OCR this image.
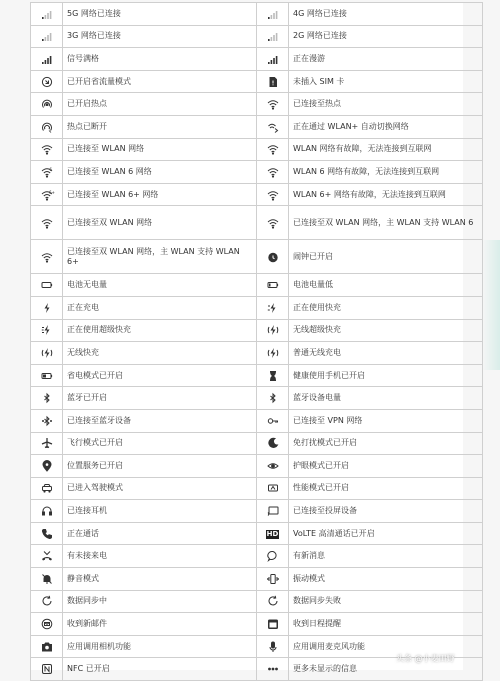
	5G 网络已连接		4G 网络已连接
	3G 网络已连接		2G 网络已连接
	信号满格		正在漫游
	已开启省流量模式		未插入 SIM 卡
	已开启热点		已连接至热点
	热点已断开		正在通过 WLAN+ 自动切换网络
	已连接至 WLAN 网络		WLAN 网络有故障，无法连接到互联网

6	已连接至 WLAN 6 网络		WLAN 6 网络有故障，无法连接到互联网

6+	已连接至 WLAN 6+ 网络		WLAN 6+ 网络有故障，无法连接到互联网
	已连接至双 WLAN 网络		已连接至双 WLAN 网络，主 WLAN 支持 WLAN 6
	已连接至双 WLAN 网络，主 WLAN 支持 WLAN 6+		闹钟已开启
	电池无电量		电池电量低
	正在充电		正在使用快充
	正在使用超级快充		无线超级快充
	无线快充		普通无线充电
	省电模式已开启		健康使用手机已开启
	蓝牙已开启		蓝牙设备电量
	已连接至蓝牙设备		已连接至 VPN 网络
	飞行模式已开启		免打扰模式已开启
	位置服务已开启		护眼模式已开启
	已进入驾驶模式		性能模式已开启
	已连接耳机		已连接至投屏设备
	正在通话	HD	VoLTE 高清通话已开启
	有未接来电		有新消息
	静音模式		振动模式
	数据同步中		数据同步失败
	收到新邮件		收到日程提醒
	应用调用相机功能		应用调用麦克风功能
	NFC 已开启		更多未显示的信息
头条 @小麦田野
